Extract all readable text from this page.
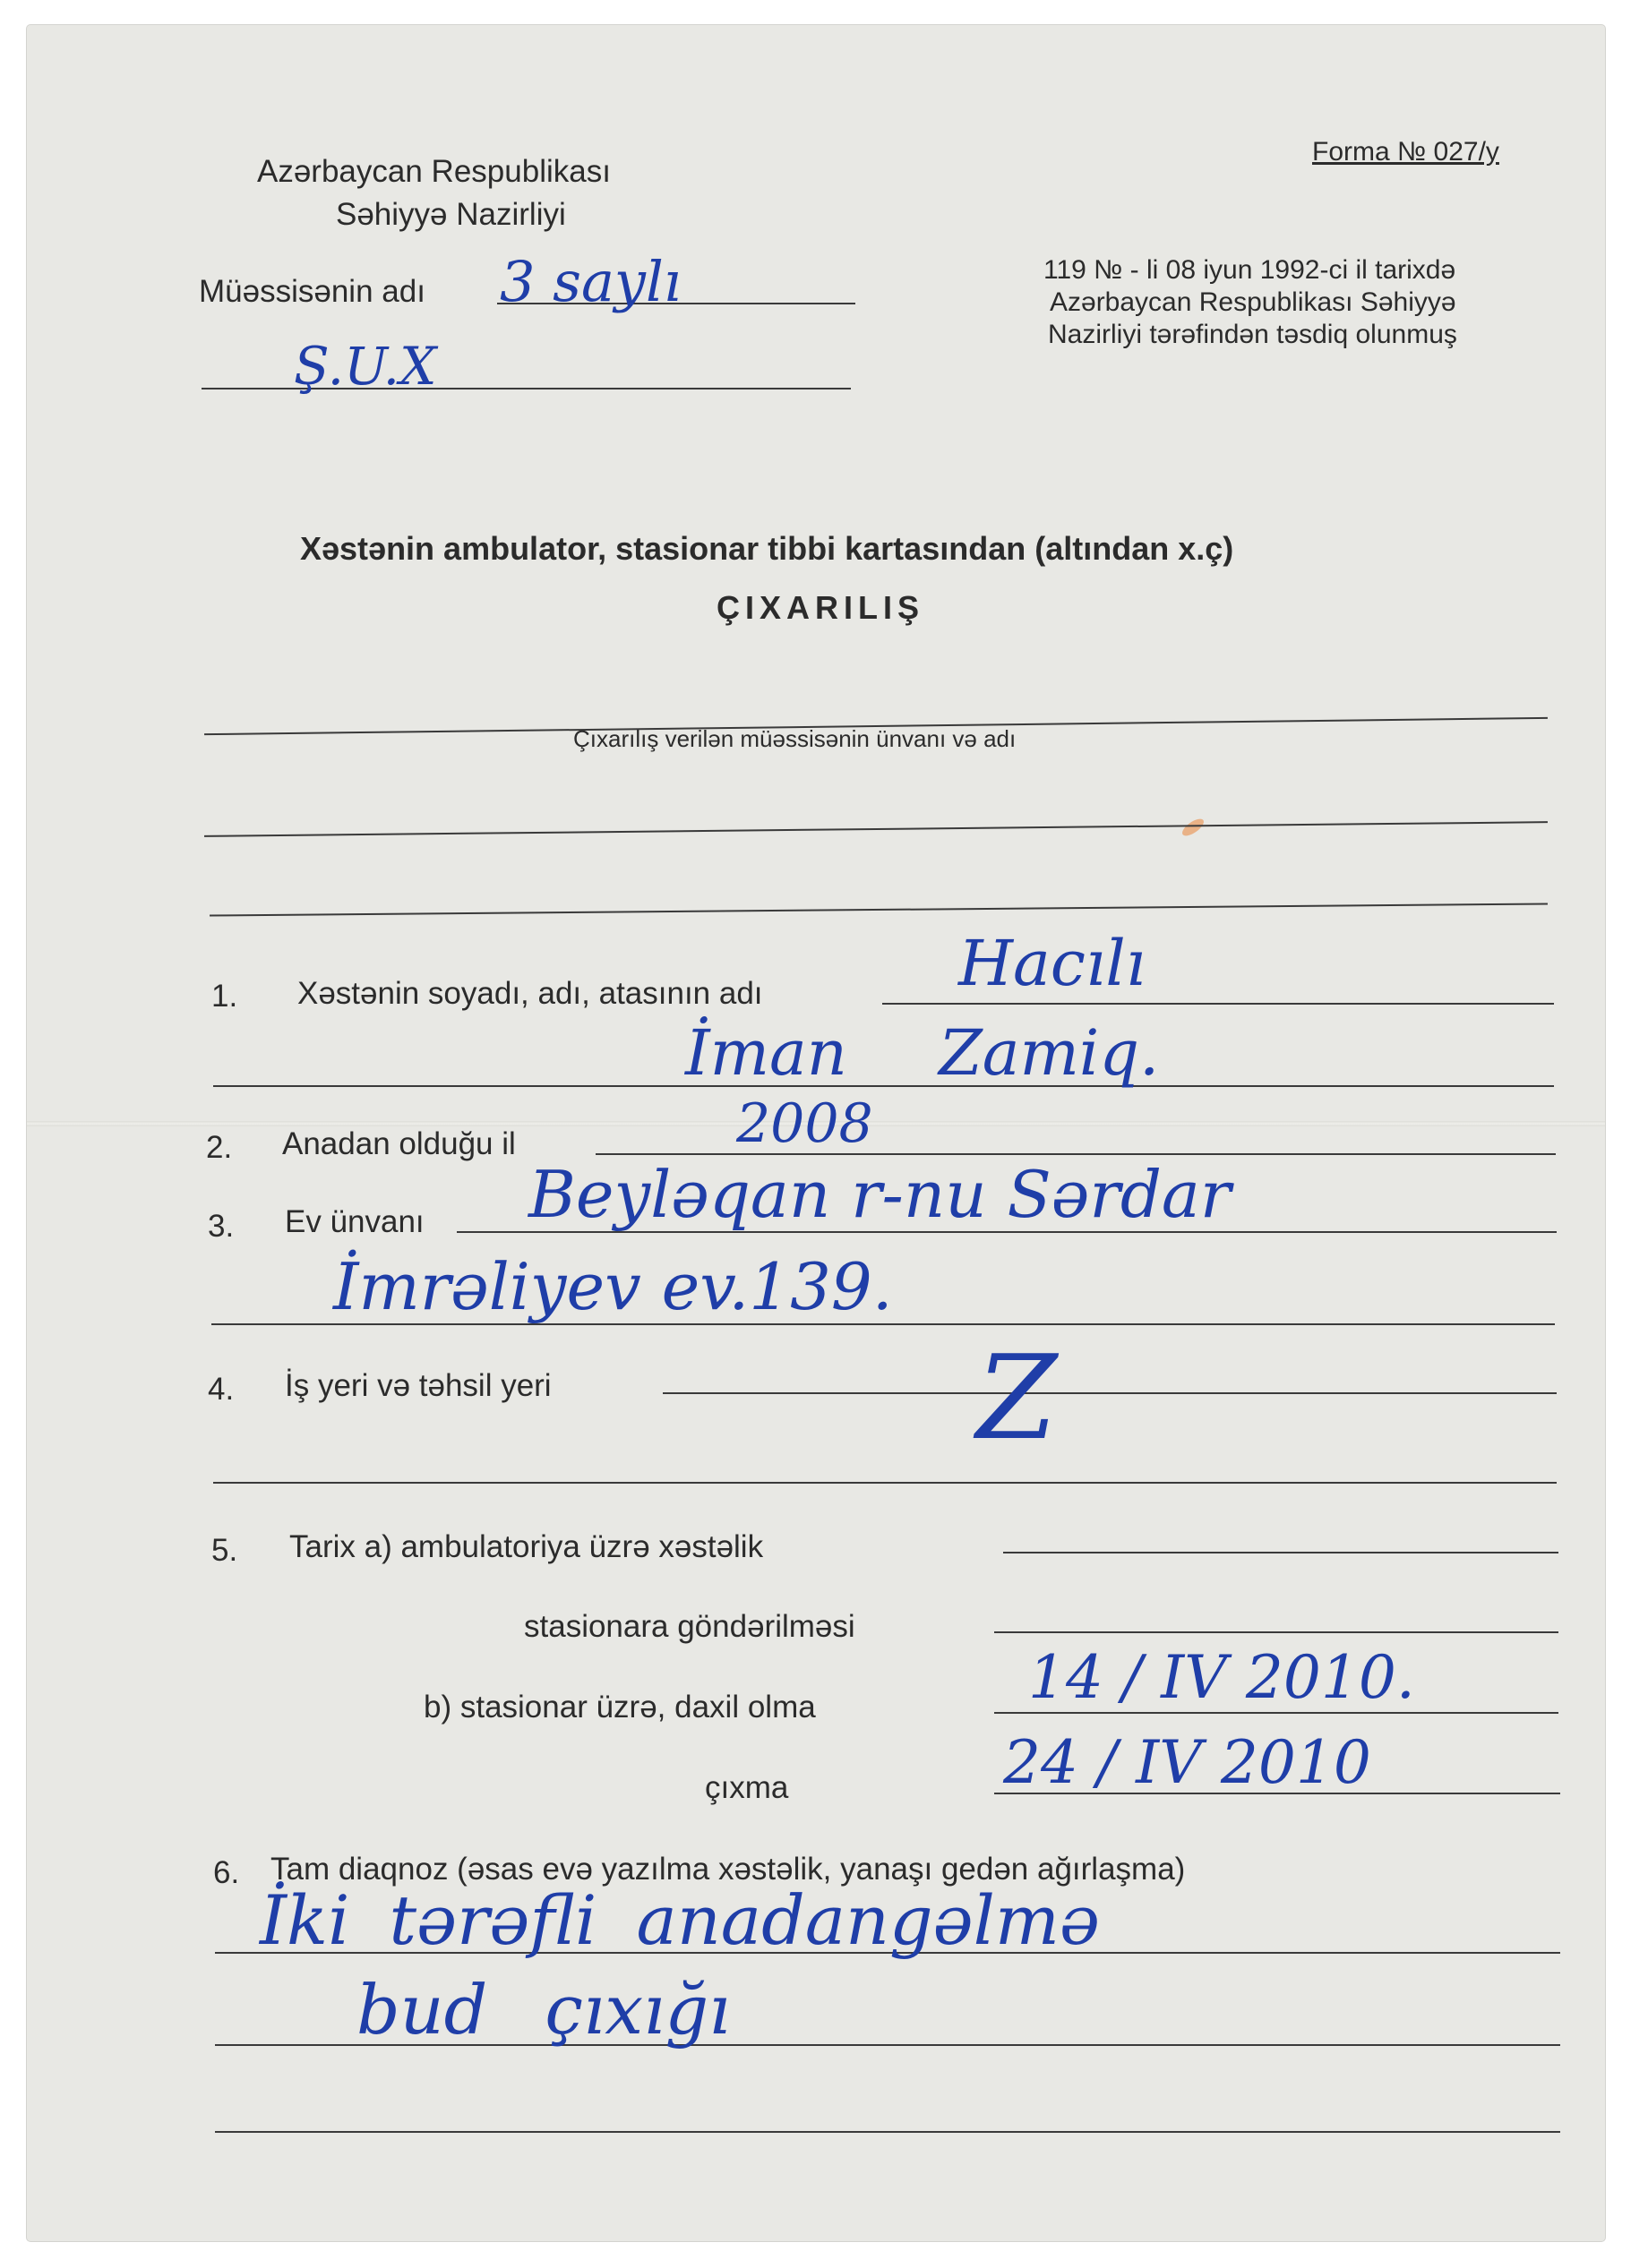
Azərbaycan Respublikası
Səhiyyə Nazirliyi
Forma № 027/y
119 № - li 08 iyun 1992-ci il tarixdə
Azərbaycan Respublikası Səhiyyə
Nazirliyi tərəfindən təsdiq olunmuş
Müəssisənin adı 3 saylı
Ş.U.X
Xəstənin ambulator, stasionar tibbi kartasından (altından x.ç)
ÇIXARILIŞ
Çıxarılış verilən müəssisənin ünvanı və adı
1. Xəstənin soyadı, adı, atasının adı	Hacılı
İman Zamiq.
2. Anadan olduğu il	2008
3. Ev ünvanı Beyləqan r-nu Sərdar
İmrəliyev ev.139.
4. İş yeri və təhsil yeri	Z
5. Tarix a) ambulatoriya üzrə xəstəlik
stasionara göndərilməsi
b) stasionar üzrə, daxil olma	14 / IV 2010.
çıxma	24 / IV 2010
6. Tam diaqnoz (əsas evə yazılma xəstəlik, yanaşı gedən ağırlaşma)
İki tərəfli anadangəlmə
bud çıxığı
